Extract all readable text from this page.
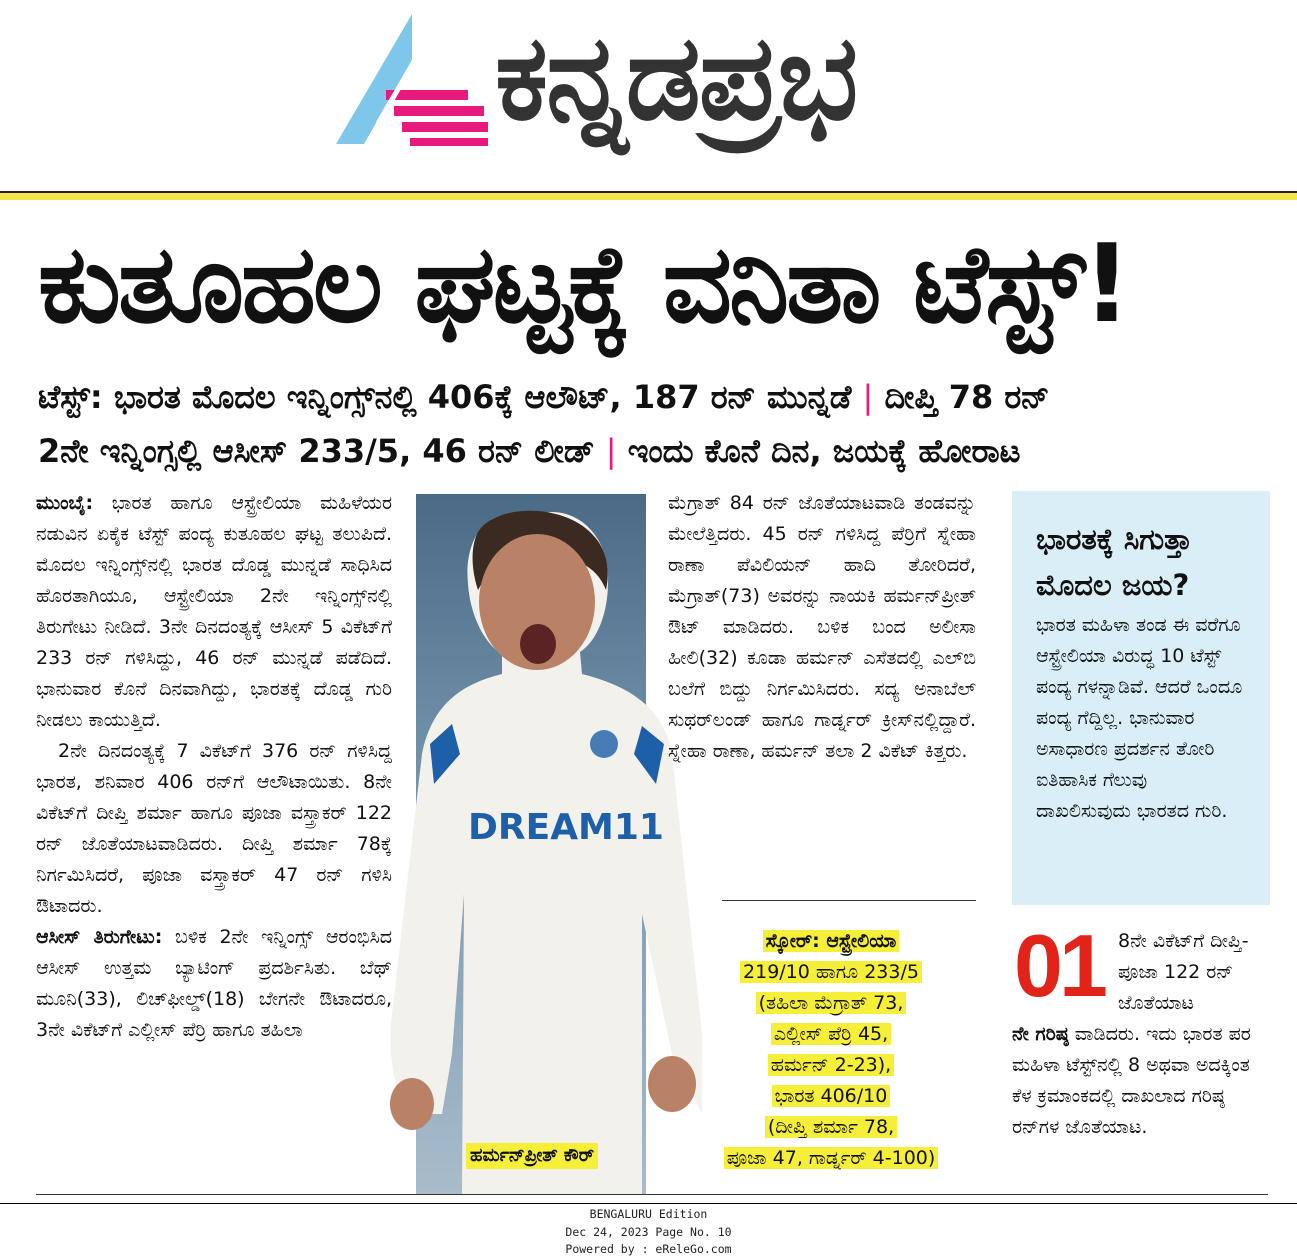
ಕನ್ನಡಪ್ರಭ
ಕುತೂಹಲ ಘಟ್ಟಕ್ಕೆ ವನಿತಾ ಟೆಸ್ಟ್‌!
ಟೆಸ್ಟ್‌: ಭಾರತ ಮೊದಲ ಇನ್ನಿಂಗ್ಸ್‌ನಲ್ಲಿ 406ಕ್ಕೆ ಆಲೌಟ್‌, 187 ರನ್‌ ಮುನ್ನಡೆ | ದೀಪ್ತಿ 78 ರನ್‌
2ನೇ ಇನ್ನಿಂಗ್ಸಲ್ಲಿ ಆಸೀಸ್‌ 233/5, 46 ರನ್‌ ಲೀಡ್‌ | ಇಂದು ಕೊನೆ ದಿನ, ಜಯಕ್ಕೆ ಹೋರಾಟ

ಮುಂಬೈ: ಭಾರತ ಹಾಗೂ ಆಸ್ಟ್ರೇಲಿಯಾ ಮಹಿಳೆಯರ ನಡುವಿನ ಏಕೈಕ ಟೆಸ್ಟ್‌ ಪಂದ್ಯ ಕುತೂಹಲ ಘಟ್ಟ ತಲುಪಿದೆ. ಮೊದಲ ಇನ್ನಿಂಗ್ಸ್‌ನಲ್ಲಿ ಭಾರತ ದೊಡ್ಡ ಮುನ್ನಡೆ ಸಾಧಿಸಿದ ಹೊರತಾಗಿಯೂ, ಆಸ್ಟ್ರೇಲಿಯಾ 2ನೇ ಇನ್ನಿಂಗ್ಸ್‌ನಲ್ಲಿ ತಿರುಗೇಟು ನೀಡಿದೆ. 3ನೇ ದಿನದಂತ್ಯಕ್ಕೆ ಆಸೀಸ್‌ 5 ವಿಕೆಟ್‌ಗೆ 233 ರನ್‌ ಗಳಿಸಿದ್ದು, 46 ರನ್‌ ಮುನ್ನಡೆ ಪಡೆದಿದೆ. ಭಾನುವಾರ ಕೊನೆ ದಿನವಾಗಿದ್ದು, ಭಾರತಕ್ಕೆ ದೊಡ್ಡ ಗುರಿ ನೀಡಲು ಕಾಯುತ್ತಿದೆ.

2ನೇ ದಿನದಂತ್ಯಕ್ಕೆ 7 ವಿಕೆಟ್‌ಗೆ 376 ರನ್‌ ಗಳಿಸಿದ್ದ ಭಾರತ, ಶನಿವಾರ 406 ರನ್‌ಗೆ ಆಲೌಟಾಯಿತು. 8ನೇ ವಿಕೆಟ್‌ಗೆ ದೀಪ್ತಿ ಶರ್ಮಾ ಹಾಗೂ ಪೂಜಾ ವಸ್ತ್ರಾಕರ್‌ 122 ರನ್‌ ಜೊತೆಯಾಟವಾಡಿದರು. ದೀಪ್ತಿ ಶರ್ಮಾ 78ಕ್ಕೆ ನಿರ್ಗಮಿಸಿದರೆ, ಪೂಜಾ ವಸ್ತ್ರಾಕರ್‌ 47 ರನ್‌ ಗಳಿಸಿ ಔಟಾದರು.

ಆಸೀಸ್‌ ತಿರುಗೇಟು: ಬಳಿಕ 2ನೇ ಇನ್ನಿಂಗ್ಸ್‌ ಆರಂಭಿಸಿದ ಆಸೀಸ್‌ ಉತ್ತಮ ಬ್ಯಾಟಿಂಗ್‌ ಪ್ರದರ್ಶಿಸಿತು. ಬೆಥ್‌ ಮೂನಿ(33), ಲಿಚ್‌ಫೀಲ್ಡ್‌(18) ಬೇಗನೇ ಔಟಾದರೂ, 3ನೇ ವಿಕೆಟ್‌ಗೆ ಎಲ್ಲೀಸ್‌ ಪೆರ್ರಿ ಹಾಗೂ ತಹಿಲಾ

DREAM11
ಹರ್ಮನ್‌ಪ್ರೀತ್‌ ಕೌರ್‌

ಮೆಗ್ರಾತ್‌ 84 ರನ್‌ ಜೊತೆಯಾಟವಾಡಿ ತಂಡವನ್ನು ಮೇಲೆತ್ತಿದರು. 45 ರನ್‌ ಗಳಿಸಿದ್ದ ಪೆರ್ರಿಗೆ ಸ್ನೇಹಾ ರಾಣಾ ಪೆವಿಲಿಯನ್‌ ಹಾದಿ ತೋರಿದರೆ, ಮೆಗ್ರಾತ್‌(73) ಅವರನ್ನು ನಾಯಕಿ ಹರ್ಮನ್‌ಪ್ರೀತ್‌ ಔಟ್‌ ಮಾಡಿದರು. ಬಳಿಕ ಬಂದ ಅಲೀಸಾ ಹೀಲಿ(32) ಕೂಡಾ ಹರ್ಮನ್‌ ಎಸೆತದಲ್ಲಿ ಎಲ್‌ಬಿ ಬಲೆಗೆ ಬಿದ್ದು ನಿರ್ಗಮಿಸಿದರು. ಸದ್ಯ ಅನಾಬೆಲ್‌ ಸುಥರ್‌ಲಂಡ್‌ ಹಾಗೂ ಗಾರ್ಡ್ನರ್‌ ಕ್ರೀಸ್‌ನಲ್ಲಿದ್ದಾರೆ. ಸ್ನೇಹಾ ರಾಣಾ, ಹರ್ಮನ್‌ ತಲಾ 2 ವಿಕೆಟ್‌ ಕಿತ್ತರು.

ಸ್ಕೋರ್‌: ಆಸ್ಟ್ರೇಲಿಯಾ
219/10 ಹಾಗೂ 233/5
(ತಹಿಲಾ ಮೆಗ್ರಾತ್‌ 73,
ಎಲ್ಲೀಸ್‌ ಪೆರ್ರಿ 45,
ಹರ್ಮನ್‌ 2-23),
ಭಾರತ 406/10
(ದೀಪ್ತಿ ಶರ್ಮಾ 78,
ಪೂಜಾ 47, ಗಾರ್ಡ್ನರ್‌ 4-100)
ಭಾರತಕ್ಕೆ ಸಿಗುತ್ತಾ
ಮೊದಲ ಜಯ?
ಭಾರತ ಮಹಿಳಾ ತಂಡ ಈ ವರೆಗೂ ಆಸ್ಟ್ರೇಲಿಯಾ ವಿರುದ್ಧ 10 ಟೆಸ್ಟ್‌ ಪಂದ್ಯ ಗಳನ್ನಾಡಿವೆ. ಆದರೆ ಒಂದೂ ಪಂದ್ಯ ಗೆದ್ದಿಲ್ಲ. ಭಾನುವಾರ ಅಸಾಧಾರಣ ಪ್ರದರ್ಶನ ತೋರಿ ಐತಿಹಾಸಿಕ ಗೆಲುವು ದಾಖಲಿಸುವುದು ಭಾರತದ ಗುರಿ.
01 8ನೇ ವಿಕೆಟ್‌ಗೆ ದೀಪ್ತಿ-ಪೂಜಾ 122 ರನ್‌ ಜೊತೆಯಾಟ
ನೇ ಗರಿಷ್ಠ ವಾಡಿದರು. ಇದು ಭಾರತ ಪರ ಮಹಿಳಾ ಟೆಸ್ಟ್‌ನಲ್ಲಿ 8 ಅಥವಾ ಅದಕ್ಕಿಂತ ಕೆಳ ಕ್ರಮಾಂಕದಲ್ಲಿ ದಾಖಲಾದ ಗರಿಷ್ಠ ರನ್‌ಗಳ ಜೊತೆಯಾಟ.
BENGALURU Edition
Dec 24, 2023 Page No. 10
Powered by : eReleGo.com
